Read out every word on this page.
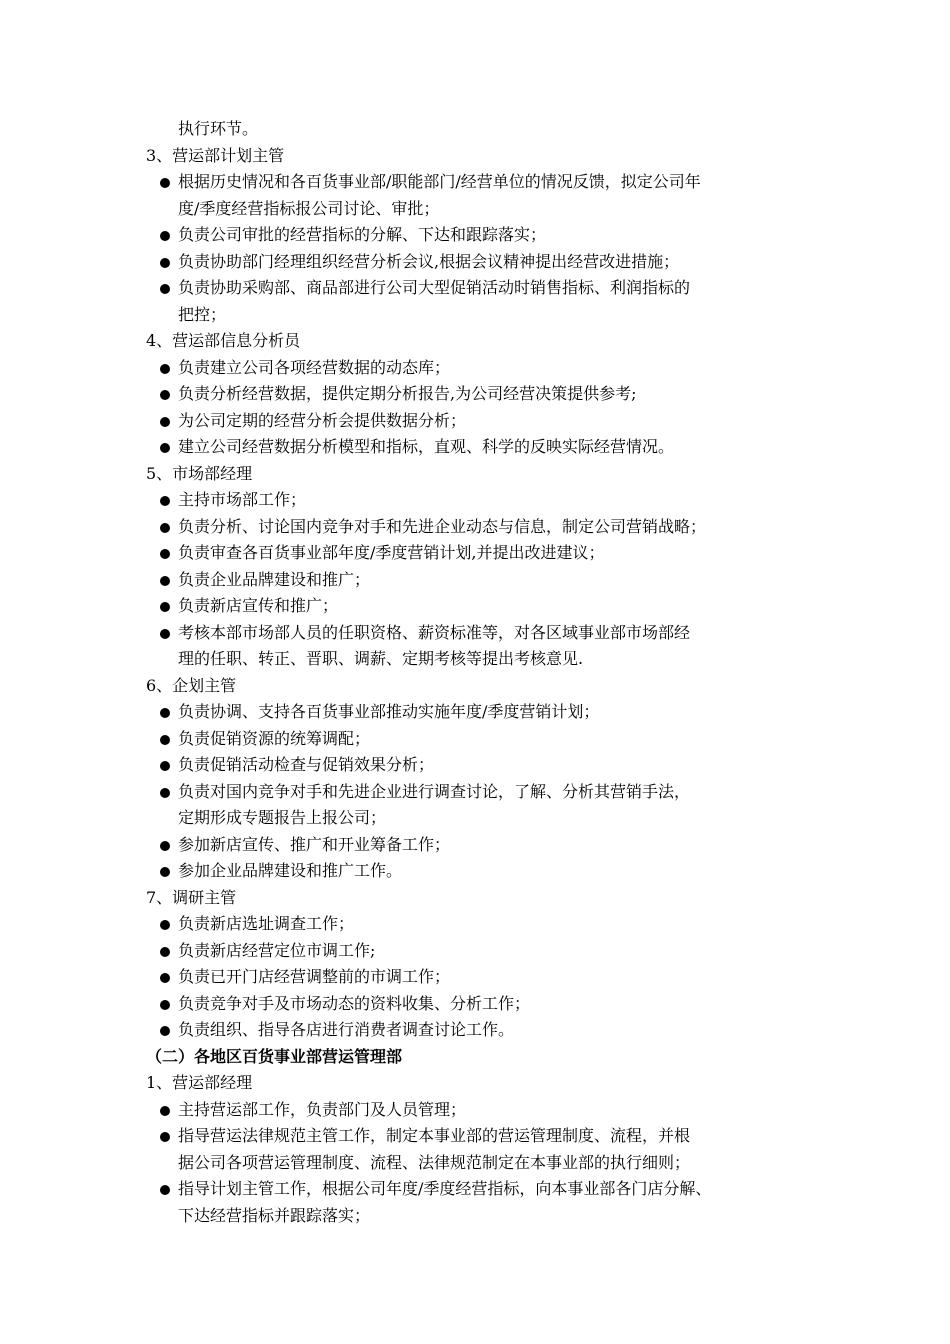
执行环节。
3、营运部计划主管
根据历史情况和各百货事业部/职能部门/经营单位的情况反馈，拟定公司年
度/季度经营指标报公司讨论、审批；
负责公司审批的经营指标的分解、下达和跟踪落实；
负责协助部门经理组织经营分析会议,根据会议精神提出经营改进措施；
负责协助采购部、商品部进行公司大型促销活动时销售指标、利润指标的
把控；
4、营运部信息分析员
负责建立公司各项经营数据的动态库；
负责分析经营数据，提供定期分析报告,为公司经营决策提供参考;
为公司定期的经营分析会提供数据分析；
建立公司经营数据分析模型和指标，直观、科学的反映实际经营情况。
5、市场部经理
主持市场部工作；
负责分析、讨论国内竞争对手和先进企业动态与信息，制定公司营销战略；
负责审查各百货事业部年度/季度营销计划,并提出改进建议；
负责企业品牌建设和推广；
负责新店宣传和推广；
考核本部市场部人员的任职资格、薪资标准等，对各区域事业部市场部经
理的任职、转正、晋职、调薪、定期考核等提出考核意见.
6、企划主管
负责协调、支持各百货事业部推动实施年度/季度营销计划；
负责促销资源的统筹调配；
负责促销活动检查与促销效果分析；
负责对国内竞争对手和先进企业进行调查讨论，了解、分析其营销手法，
定期形成专题报告上报公司；
参加新店宣传、推广和开业筹备工作；
参加企业品牌建设和推广工作。
7、调研主管
负责新店选址调查工作；
负责新店经营定位市调工作;
负责已开门店经营调整前的市调工作；
负责竞争对手及市场动态的资料收集、分析工作；
负责组织、指导各店进行消费者调查讨论工作。
（二）各地区百货事业部营运管理部
1、营运部经理
主持营运部工作，负责部门及人员管理；
指导营运法律规范主管工作，制定本事业部的营运管理制度、流程，并根
据公司各项营运管理制度、流程、法律规范制定在本事业部的执行细则；
指导计划主管工作，根据公司年度/季度经营指标，向本事业部各门店分解、
下达经营指标并跟踪落实；
